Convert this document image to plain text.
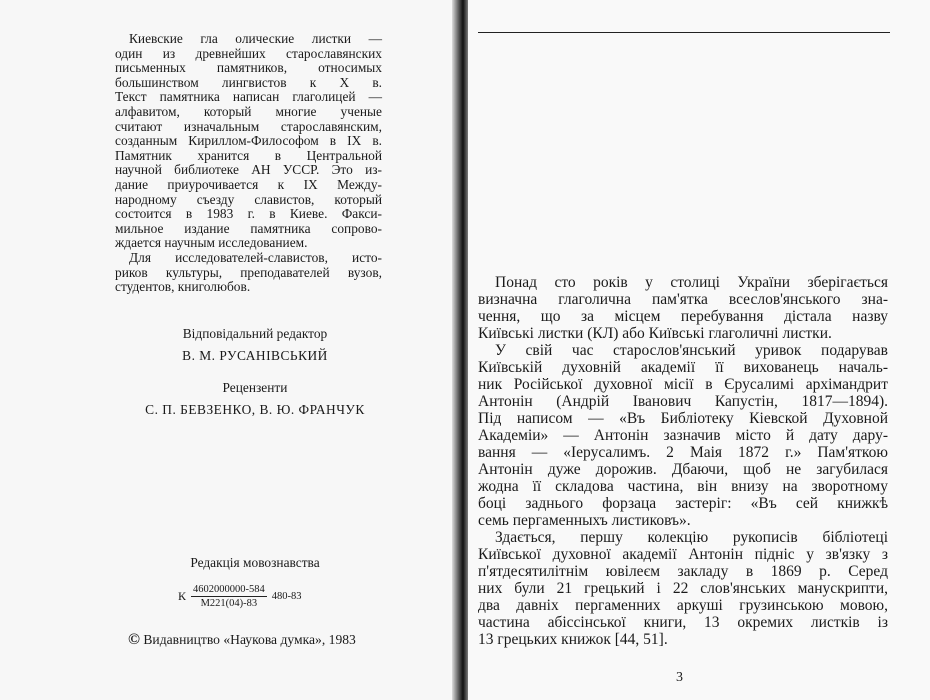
Киевские гла олические листки —
один из древнейших старославянских
письменных памятников, относимых
большинством лингвистов к X в.
Текст памятника написан глаголицей —
алфавитом, который многие ученые
считают изначальным старославянским,
созданным Кириллом-Философом в IX в.
Памятник хранится в Центральной
научной библиотеке АН УССР. Это из-
дание приурочивается к IX Между-
народному съезду славистов, который
состоится в 1983 г. в Киеве. Факси-
мильное издание памятника сопрово-
ждается научным исследованием.
Для исследователей-славистов, исто-
риков культуры, преподавателей вузов,
студентов, книголюбов.
Відповідальний редактор
В. М. РУСАНІВСЬКИЙ
Рецензенти
С. П. БЕВЗЕНКО, В. Ю. ФРАНЧУК
Редакція мовознавства
К $\frac{4602000000-584}{М221(04)-83} 480-83$
© Видавництво «Наукова думка», 1983
Понад сто років у столиці України зберігається
визначна глаголична пам'ятка всеслов'янського зна-
чення, що за місцем перебування дістала назву
Київські листки (КЛ) або Київські глаголичні листки.
У свій час старослов'янський уривок подарував
Київській духовній академії її вихованець началь-
ник Російської духовної місії в Єрусалимі архімандрит
Антонін (Андрій Іванович Капустін, 1817—1894).
Під написом — «Въ Библіотеку Кіевской Духовной
Академіи» — Антонін зазначив місто й дату дару-
вання — «Іерусалимъ. 2 Маія 1872 г.» Пам'яткою
Антонін дуже дорожив. Дбаючи, щоб не загубилася
жодна її складова частина, він внизу на зворотному
боці заднього форзаца застеріг: «Въ сей книжкѣ
семь пергаменныхъ листиковъ».
Здається, першу колекцію рукописів бібліотеці
Київської духовної академії Антонін підніс у зв'язку з
п'ятдесятилітнім ювілеєм закладу в 1869 р. Серед
них були 21 грецький і 22 слов'янських манускрипти,
два давніх пергаменних аркуші грузинською мовою,
частина абіссінської книги, 13 окремих листків із
13 грецьких книжок [44, 51].
3
